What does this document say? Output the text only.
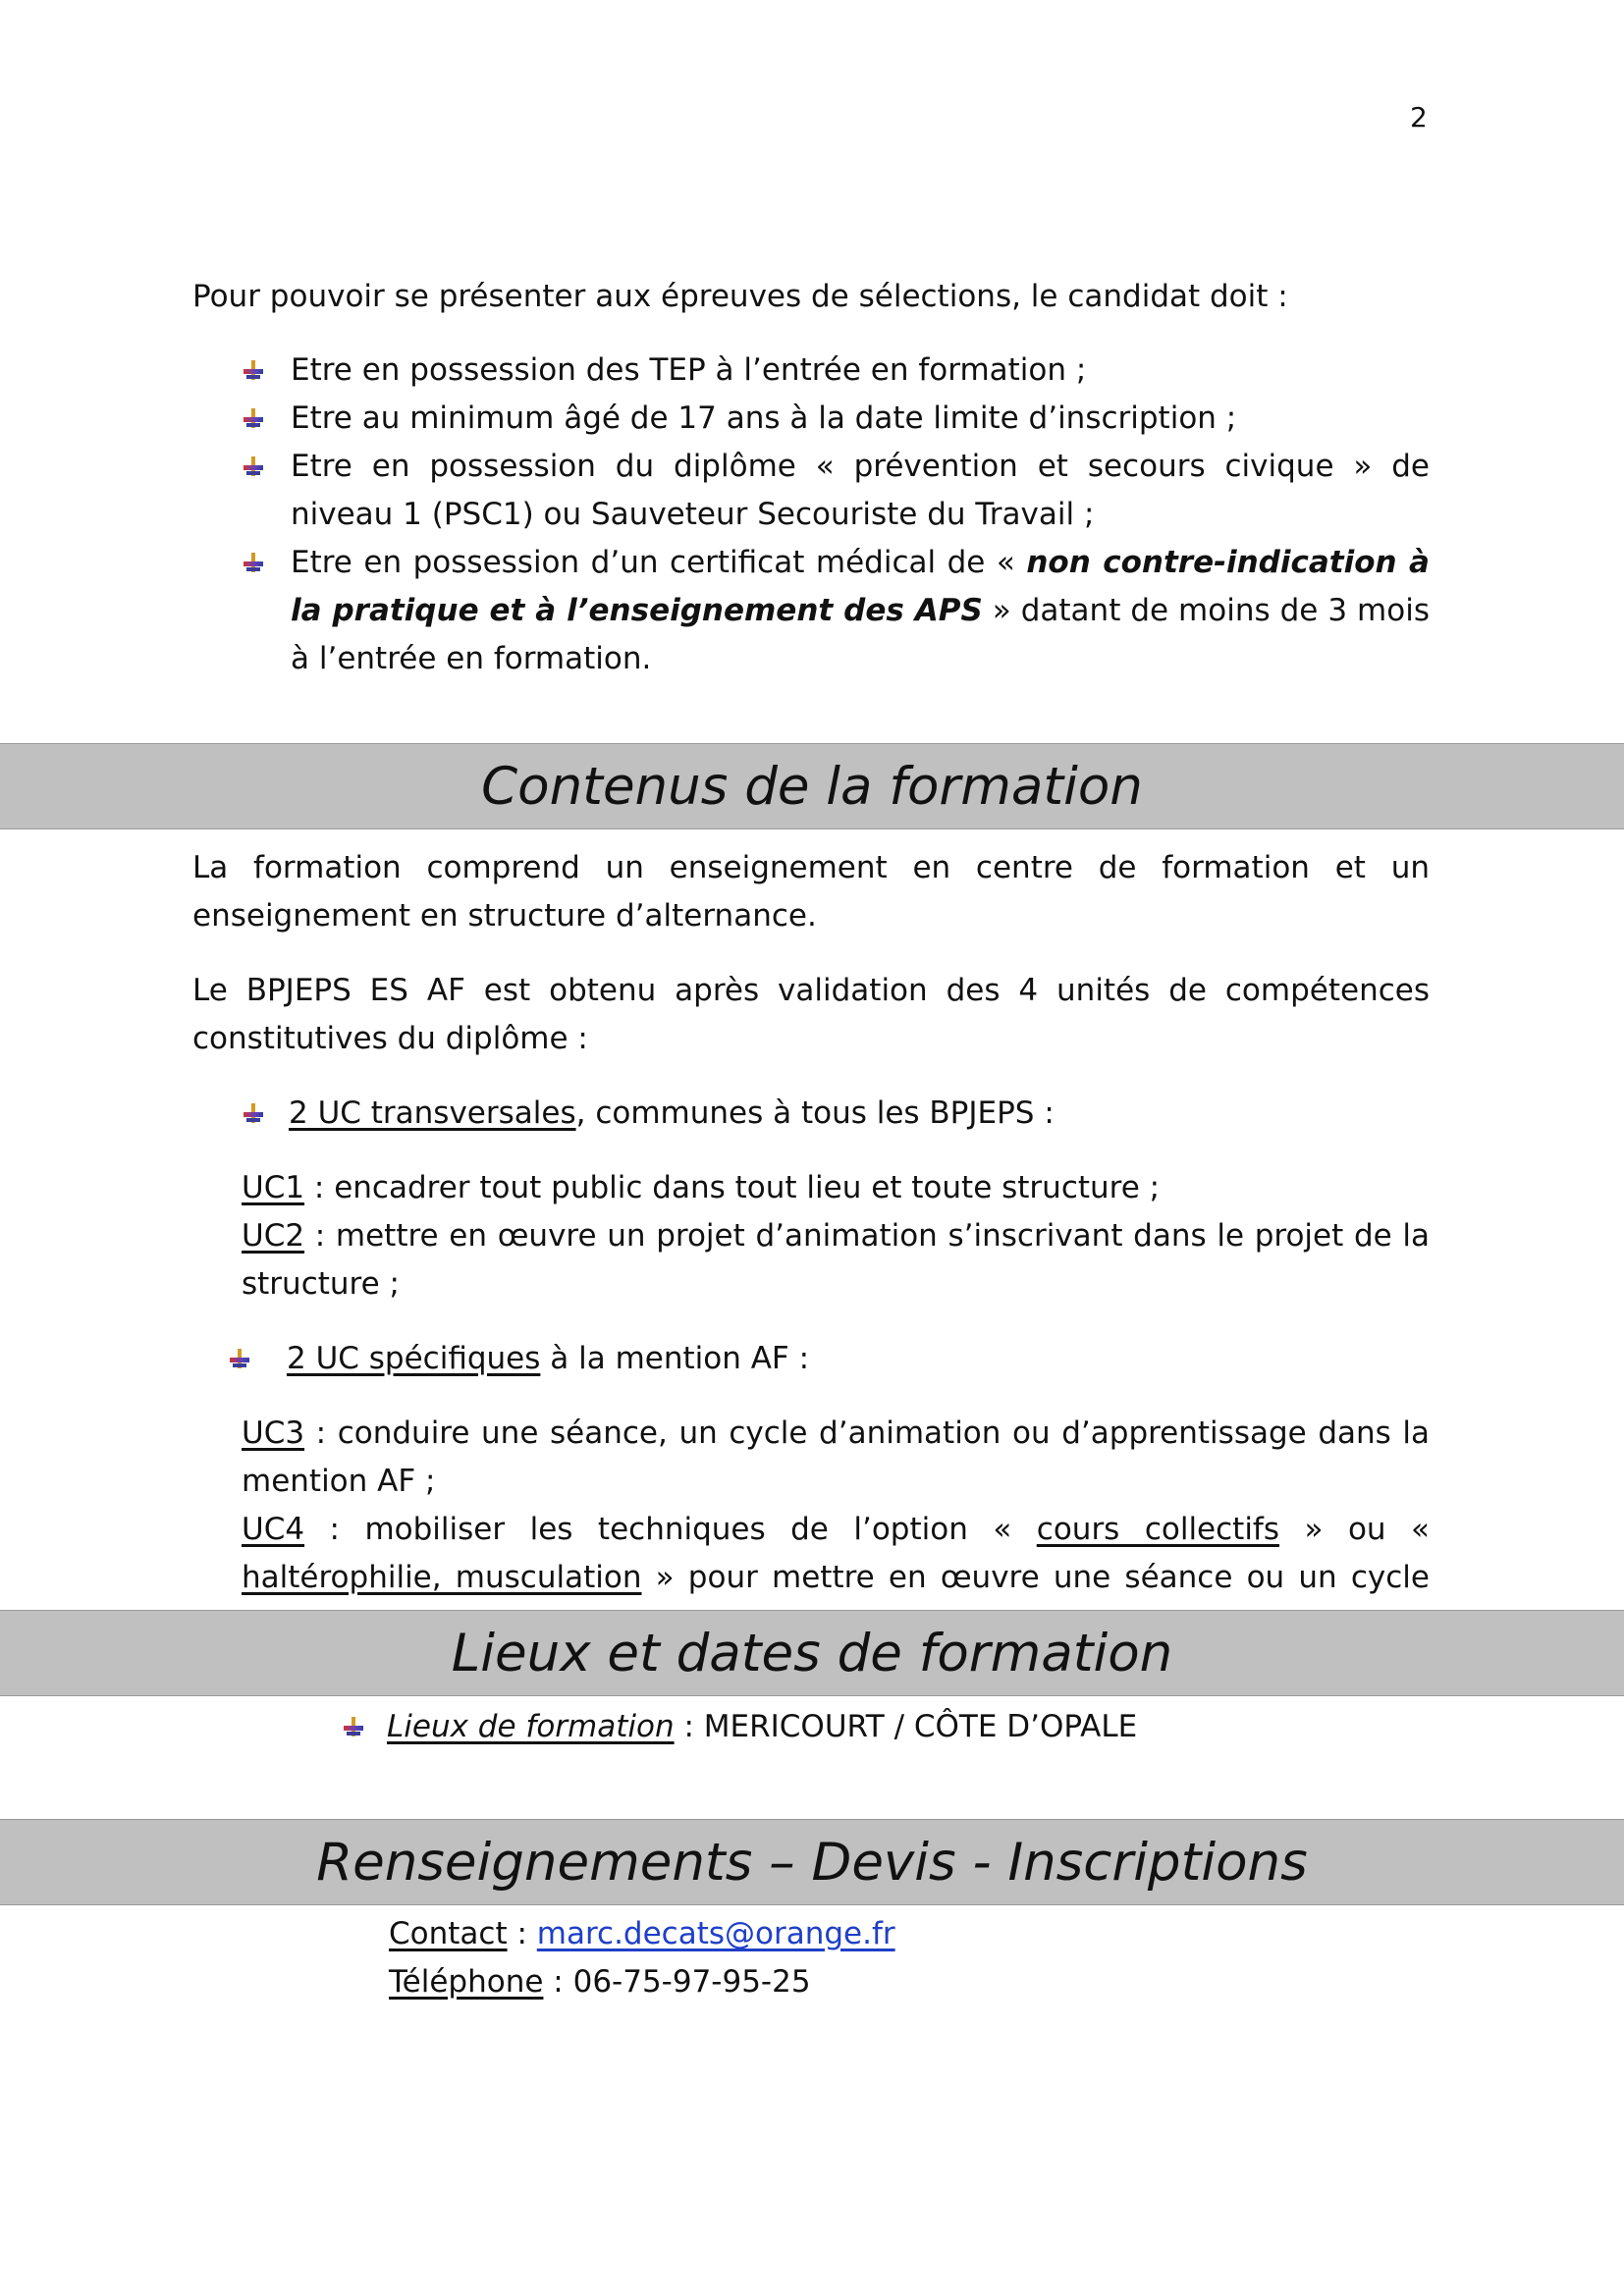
2

Pour pouvoir se présenter aux épreuves de sélections, le candidat doit :

Etre en possession des TEP à l’entrée en formation ;
Etre au minimum âgé de 17 ans à la date limite d’inscription ;
Etre en possession du diplôme « prévention et secours civique » de niveau 1 (PSC1) ou Sauveteur Secouriste du Travail ;
Etre en possession d’un certificat médical de « non contre-indication à la pratique et à l’enseignement des APS » datant de moins de 3 mois à l’entrée en formation.
Contenus de la formation

La formation comprend un enseignement en centre de formation et un enseignement en structure d’alternance.

Le BPJEPS ES AF est obtenu après validation des 4 unités de compétences constitutives du diplôme :

2 UC transversales, communes à tous les BPJEPS :

UC1 : encadrer tout public dans tout lieu et toute structure ;

UC2 : mettre en œuvre un projet d’animation s’inscrivant dans le projet de la structure ;

2 UC spécifiques à la mention AF :

UC3 : conduire une séance, un cycle d’animation ou d’apprentissage dans la mention AF ;

UC4 : mobiliser les techniques de l’option « cours collectifs » ou « haltérophilie, musculation » pour mettre en œuvre une séance ou un cycle

Lieux et dates de formation
Lieux de formation : MERICOURT / CÔTE D’OPALE
Renseignements – Devis - Inscriptions

Contact : marc.decats@orange.fr

Téléphone : 06-75-97-95-25
